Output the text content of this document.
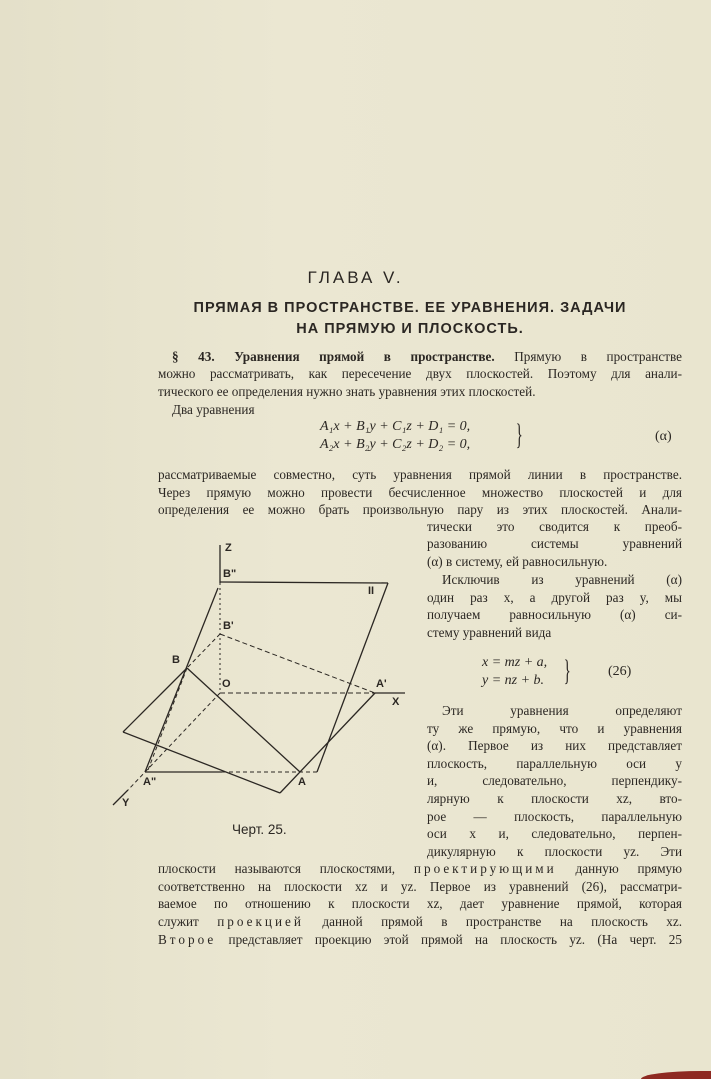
ГЛАВА V.
ПРЯМАЯ В ПРОСТРАНСТВЕ. ЕЕ УРАВНЕНИЯ. ЗАДАЧИ
НА ПРЯМУЮ И ПЛОСКОСТЬ.
§ 43. Уравнения прямой в пространстве. Прямую в пространстве
можно рассматривать, как пересечение двух плоскостей. Поэтому для анали-
тического ее определения нужно знать уравнения этих плоскостей.
Два уравнения
рассматриваемые совместно, суть уравнения прямой линии в пространстве.
Через прямую можно провести бесчисленное множество плоскостей и для
определения ее можно брать произвольную пару из этих плоскостей. Анали-
тически это сводится к преоб-
разованию системы уравнений
(α) в систему, ей равносильную.
Исключив из уравнений (α)
один раз x, а другой раз y, мы
получаем равносильную (α) си-
стему уравнений вида
Эти уравнения определяют
ту же прямую, что и уравнения
(α). Первое из них представляет
плоскость, параллельную оси y
и, следовательно, перпендику-
лярную к плоскости xz, вто-
рое — плоскость, параллельную
оси x и, следовательно, перпен-
дикулярную к плоскости yz. Эти
плоскости называются плоскостями, проектирующими данную прямую
соответственно на плоскости xz и yz. Первое из уравнений (26), рассматри-
ваемое по отношению к плоскости xz, дает уравнение прямой, которая
служит проекцией данной прямой в пространстве на плоскость xz.
Второе представляет проекцию этой прямой на плоскость yz. (На черт. 25
A₁x + B₁y + C₁z + D₁ = 0,
A₂x + B₂y + C₂z + D₂ = 0, }	(α)
x = mz + a,
y = nz + b. }	(26)
Z
B"
II
B'
B
O	A'
X
A"	A
Y
Черт. 25.
